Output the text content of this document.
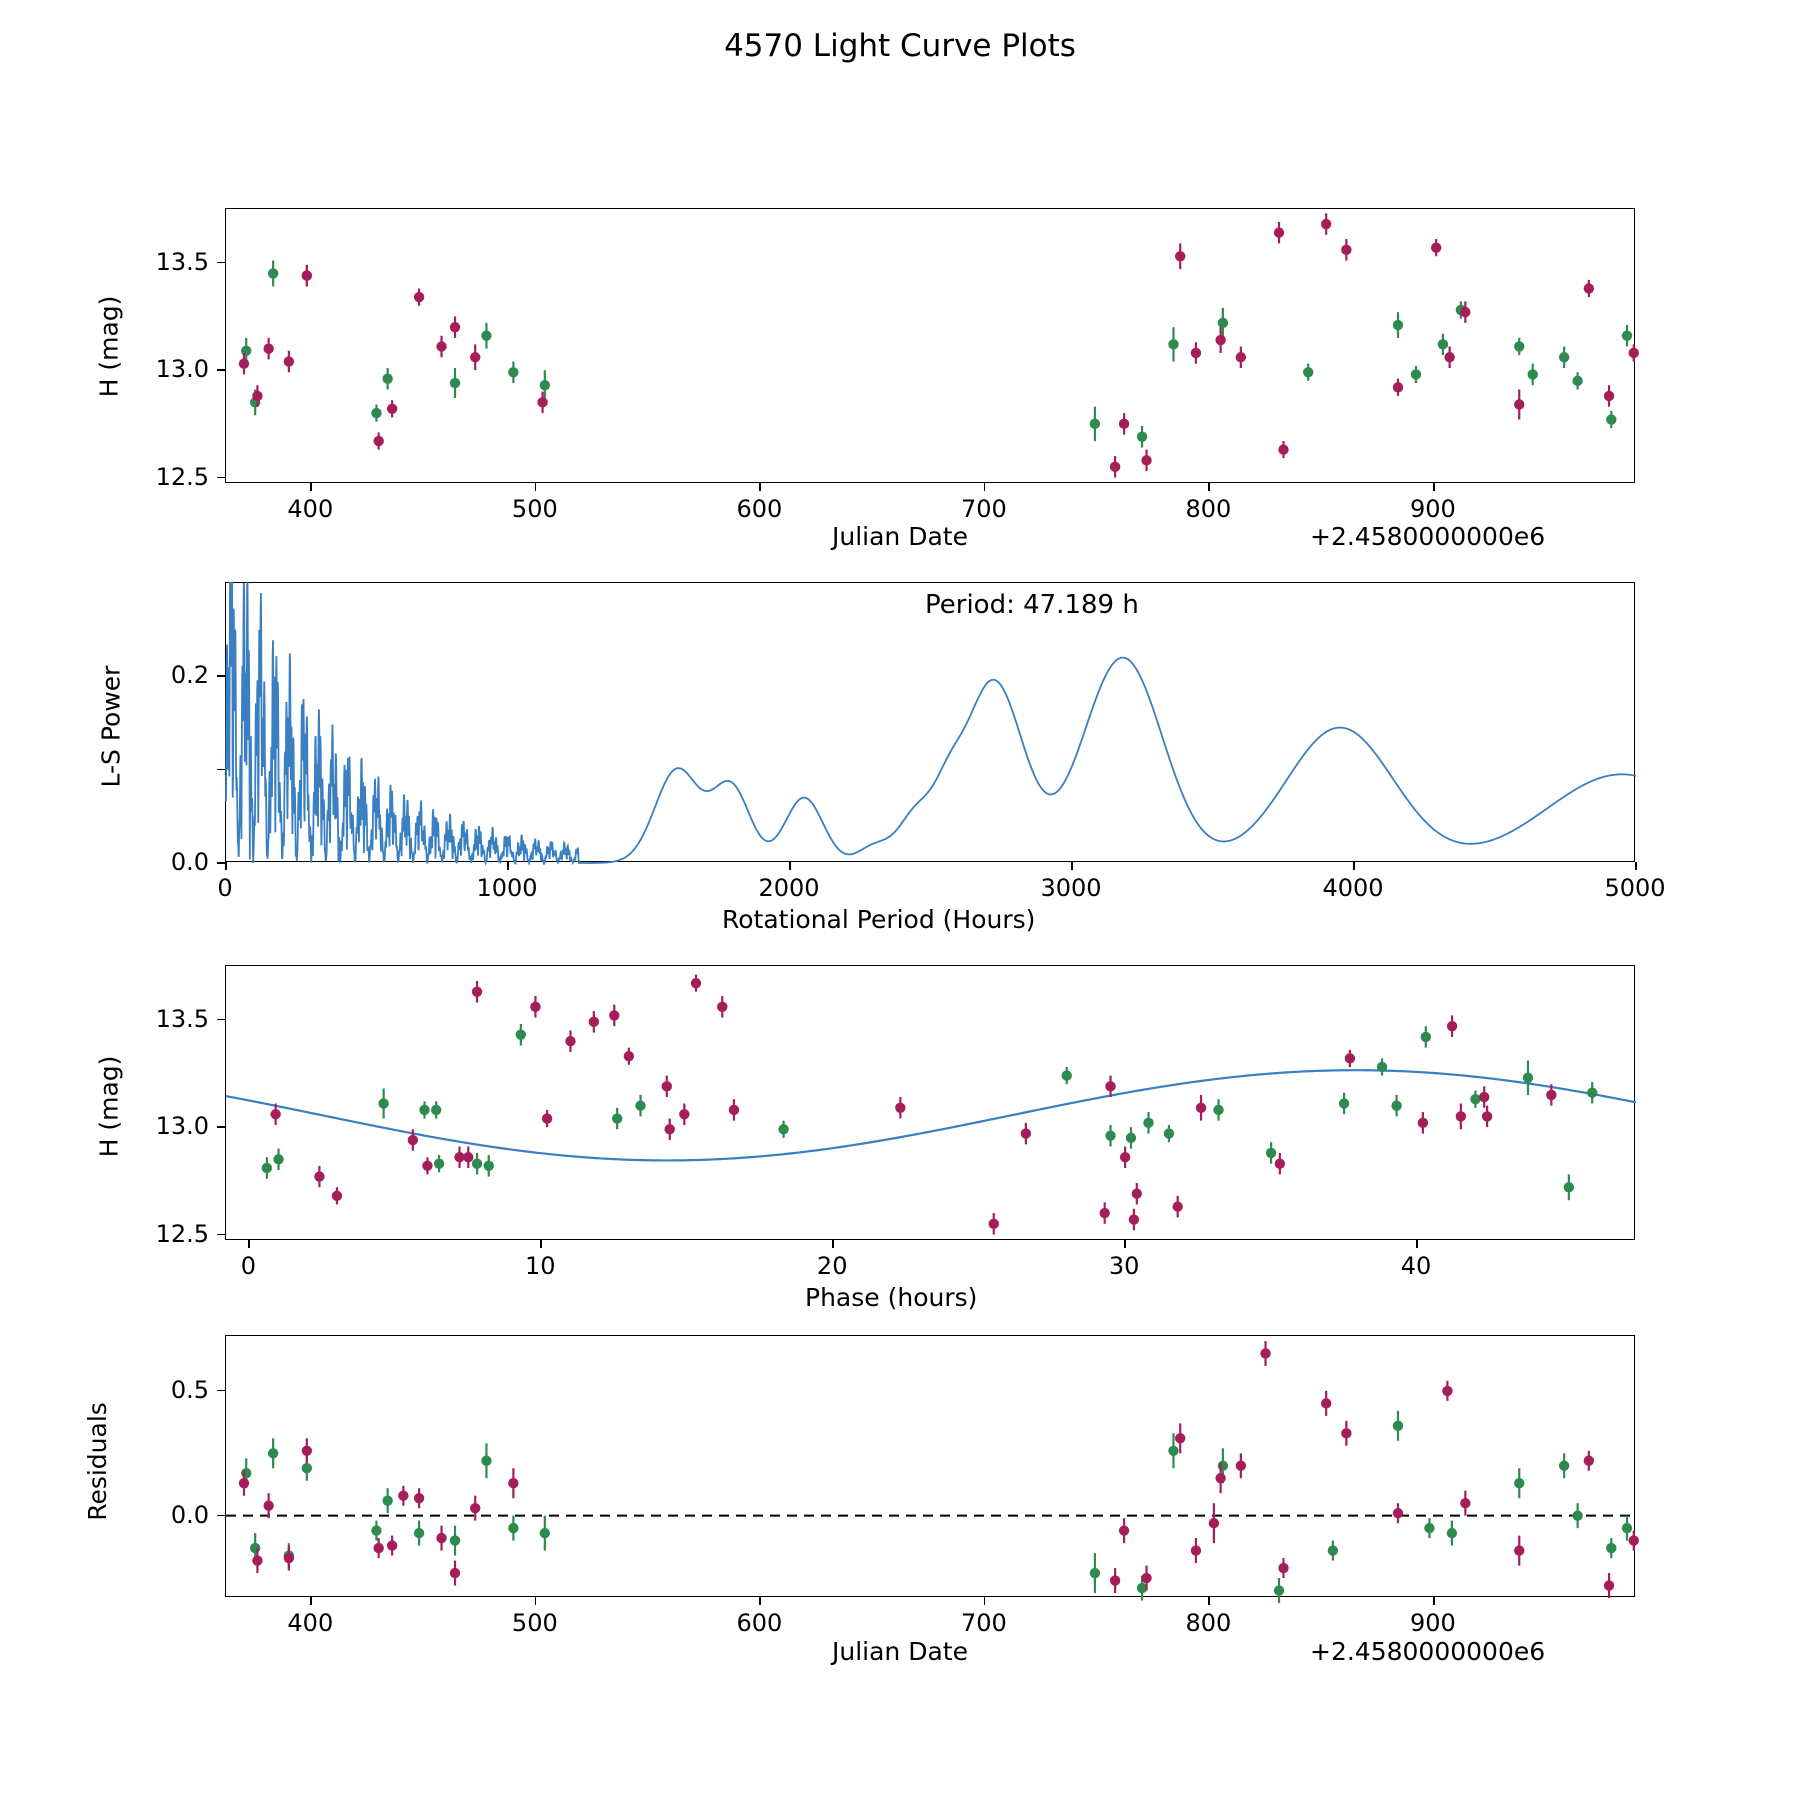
4570 Light Curve Plots
Julian Date	+2.4580000000e6
H (mag)
400	500	600	700	800	900
12.5
13.0
13.5
Period: 47.189 h
Rotational Period (Hours)
L-S Power
0	1000	2000	3000	4000	5000
0.0
0.2
Phase (hours)
H (mag)
0	10	20	30	40
12.5
13.0
13.5
Julian Date	+2.4580000000e6
Residuals
400	500	600	700	800	900
0.0
0.5
